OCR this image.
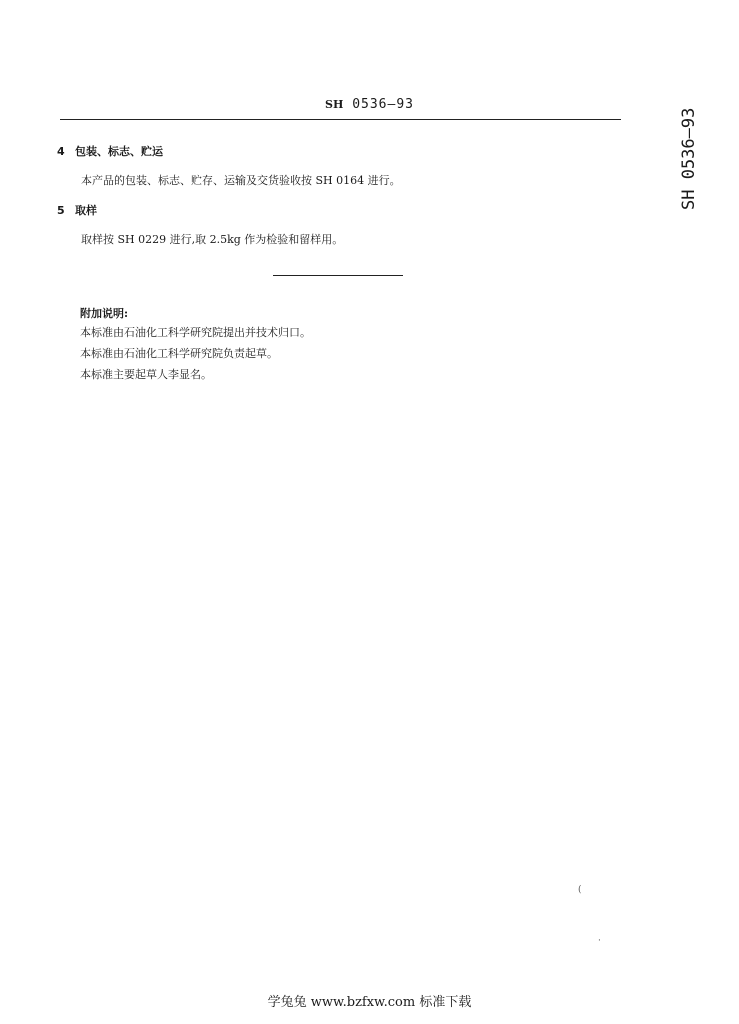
SH 0536—93
SH 0536—93
4 包装、标志、贮运
本产品的包装、标志、贮存、运输及交货验收按 SH 0164 进行。
5 取样
取样按 SH 0229 进行,取 2.5kg 作为检验和留样用。
附加说明:
本标准由石油化工科学研究院提出并技术归口。
本标准由石油化工科学研究院负责起草。
本标准主要起草人李显名。
(
·
学兔兔 www.bzfxw.com 标准下载
